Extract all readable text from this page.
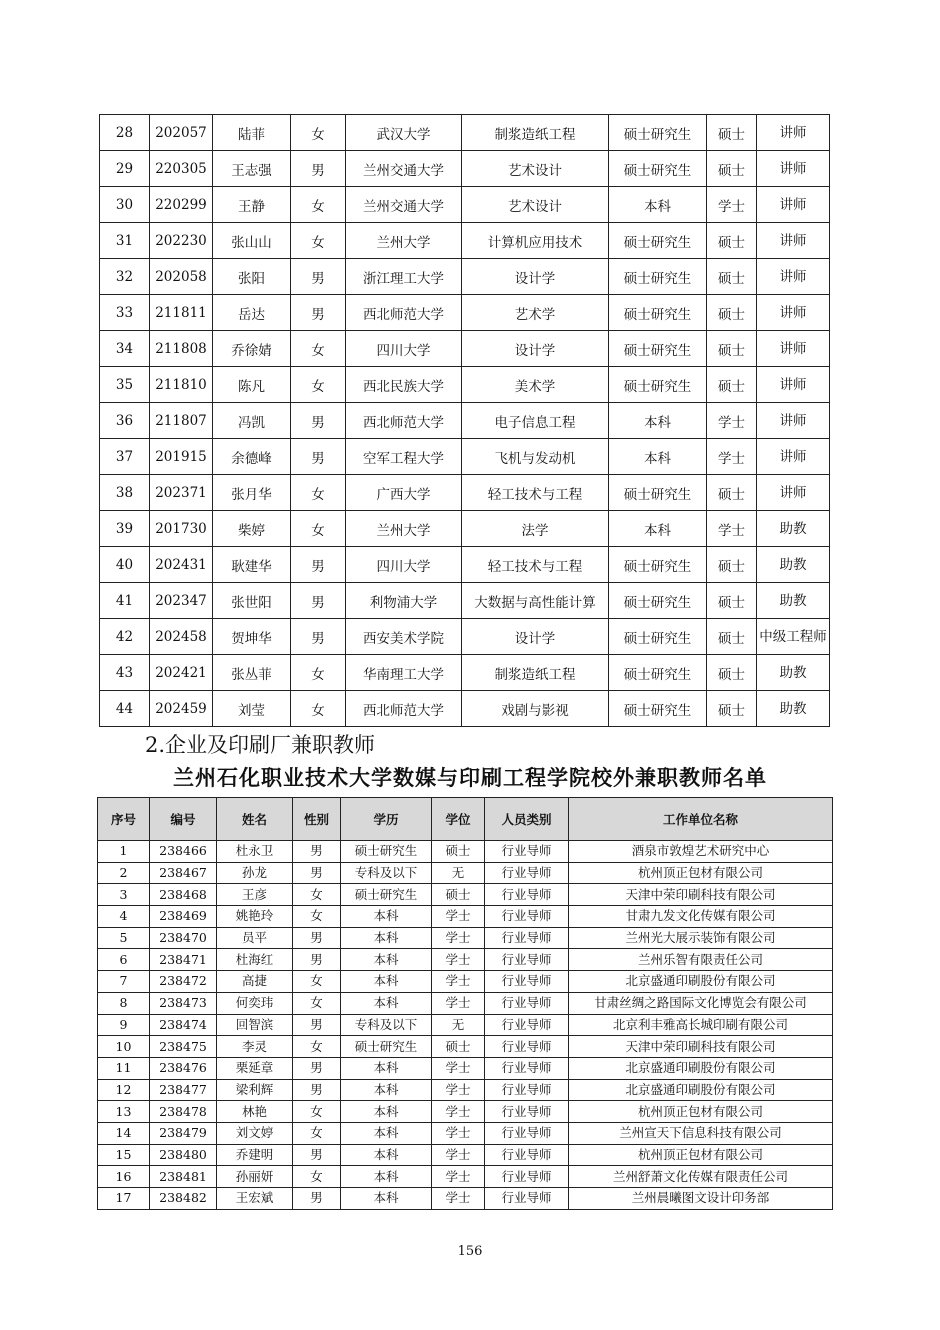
28	202057	陆菲	女	武汉大学	制浆造纸工程	硕士研究生	硕士	讲师
29	220305	王志强	男	兰州交通大学	艺术设计	硕士研究生	硕士	讲师
30	220299	王静	女	兰州交通大学	艺术设计	本科	学士	讲师
31	202230	张山山	女	兰州大学	计算机应用技术	硕士研究生	硕士	讲师
32	202058	张阳	男	浙江理工大学	设计学	硕士研究生	硕士	讲师
33	211811	岳达	男	西北师范大学	艺术学	硕士研究生	硕士	讲师
34	211808	乔徐婧	女	四川大学	设计学	硕士研究生	硕士	讲师
35	211810	陈凡	女	西北民族大学	美术学	硕士研究生	硕士	讲师
36	211807	冯凯	男	西北师范大学	电子信息工程	本科	学士	讲师
37	201915	余德峰	男	空军工程大学	飞机与发动机	本科	学士	讲师
38	202371	张月华	女	广西大学	轻工技术与工程	硕士研究生	硕士	讲师
39	201730	柴婷	女	兰州大学	法学	本科	学士	助教
40	202431	耿建华	男	四川大学	轻工技术与工程	硕士研究生	硕士	助教
41	202347	张世阳	男	利物浦大学	大数据与高性能计算	硕士研究生	硕士	助教
42	202458	贺坤华	男	西安美术学院	设计学	硕士研究生	硕士	中级工程师
43	202421	张丛菲	女	华南理工大学	制浆造纸工程	硕士研究生	硕士	助教
44	202459	刘莹	女	西北师范大学	戏剧与影视	硕士研究生	硕士	助教
2.企业及印刷厂兼职教师
兰州石化职业技术大学数媒与印刷工程学院校外兼职教师名单
序号	编号	姓名	性别	学历	学位	人员类别	工作单位名称
1	238466	杜永卫	男	硕士研究生	硕士	行业导师	酒泉市敦煌艺术研究中心
2	238467	孙龙	男	专科及以下	无	行业导师	杭州顶正包材有限公司
3	238468	王彦	女	硕士研究生	硕士	行业导师	天津中荣印刷科技有限公司
4	238469	姚艳玲	女	本科	学士	行业导师	甘肃九发文化传媒有限公司
5	238470	员平	男	本科	学士	行业导师	兰州光大展示装饰有限公司
6	238471	杜海红	男	本科	学士	行业导师	兰州乐智有限责任公司
7	238472	高捷	女	本科	学士	行业导师	北京盛通印刷股份有限公司
8	238473	何奕玮	女	本科	学士	行业导师	甘肃丝绸之路国际文化博览会有限公司
9	238474	回智滨	男	专科及以下	无	行业导师	北京利丰雅高长城印刷有限公司
10	238475	李灵	女	硕士研究生	硕士	行业导师	天津中荣印刷科技有限公司
11	238476	栗延章	男	本科	学士	行业导师	北京盛通印刷股份有限公司
12	238477	梁利辉	男	本科	学士	行业导师	北京盛通印刷股份有限公司
13	238478	林艳	女	本科	学士	行业导师	杭州顶正包材有限公司
14	238479	刘文婷	女	本科	学士	行业导师	兰州宣天下信息科技有限公司
15	238480	乔建明	男	本科	学士	行业导师	杭州顶正包材有限公司
16	238481	孙丽妍	女	本科	学士	行业导师	兰州舒萧文化传媒有限责任公司
17	238482	王宏斌	男	本科	学士	行业导师	兰州晨曦图文设计印务部
156
